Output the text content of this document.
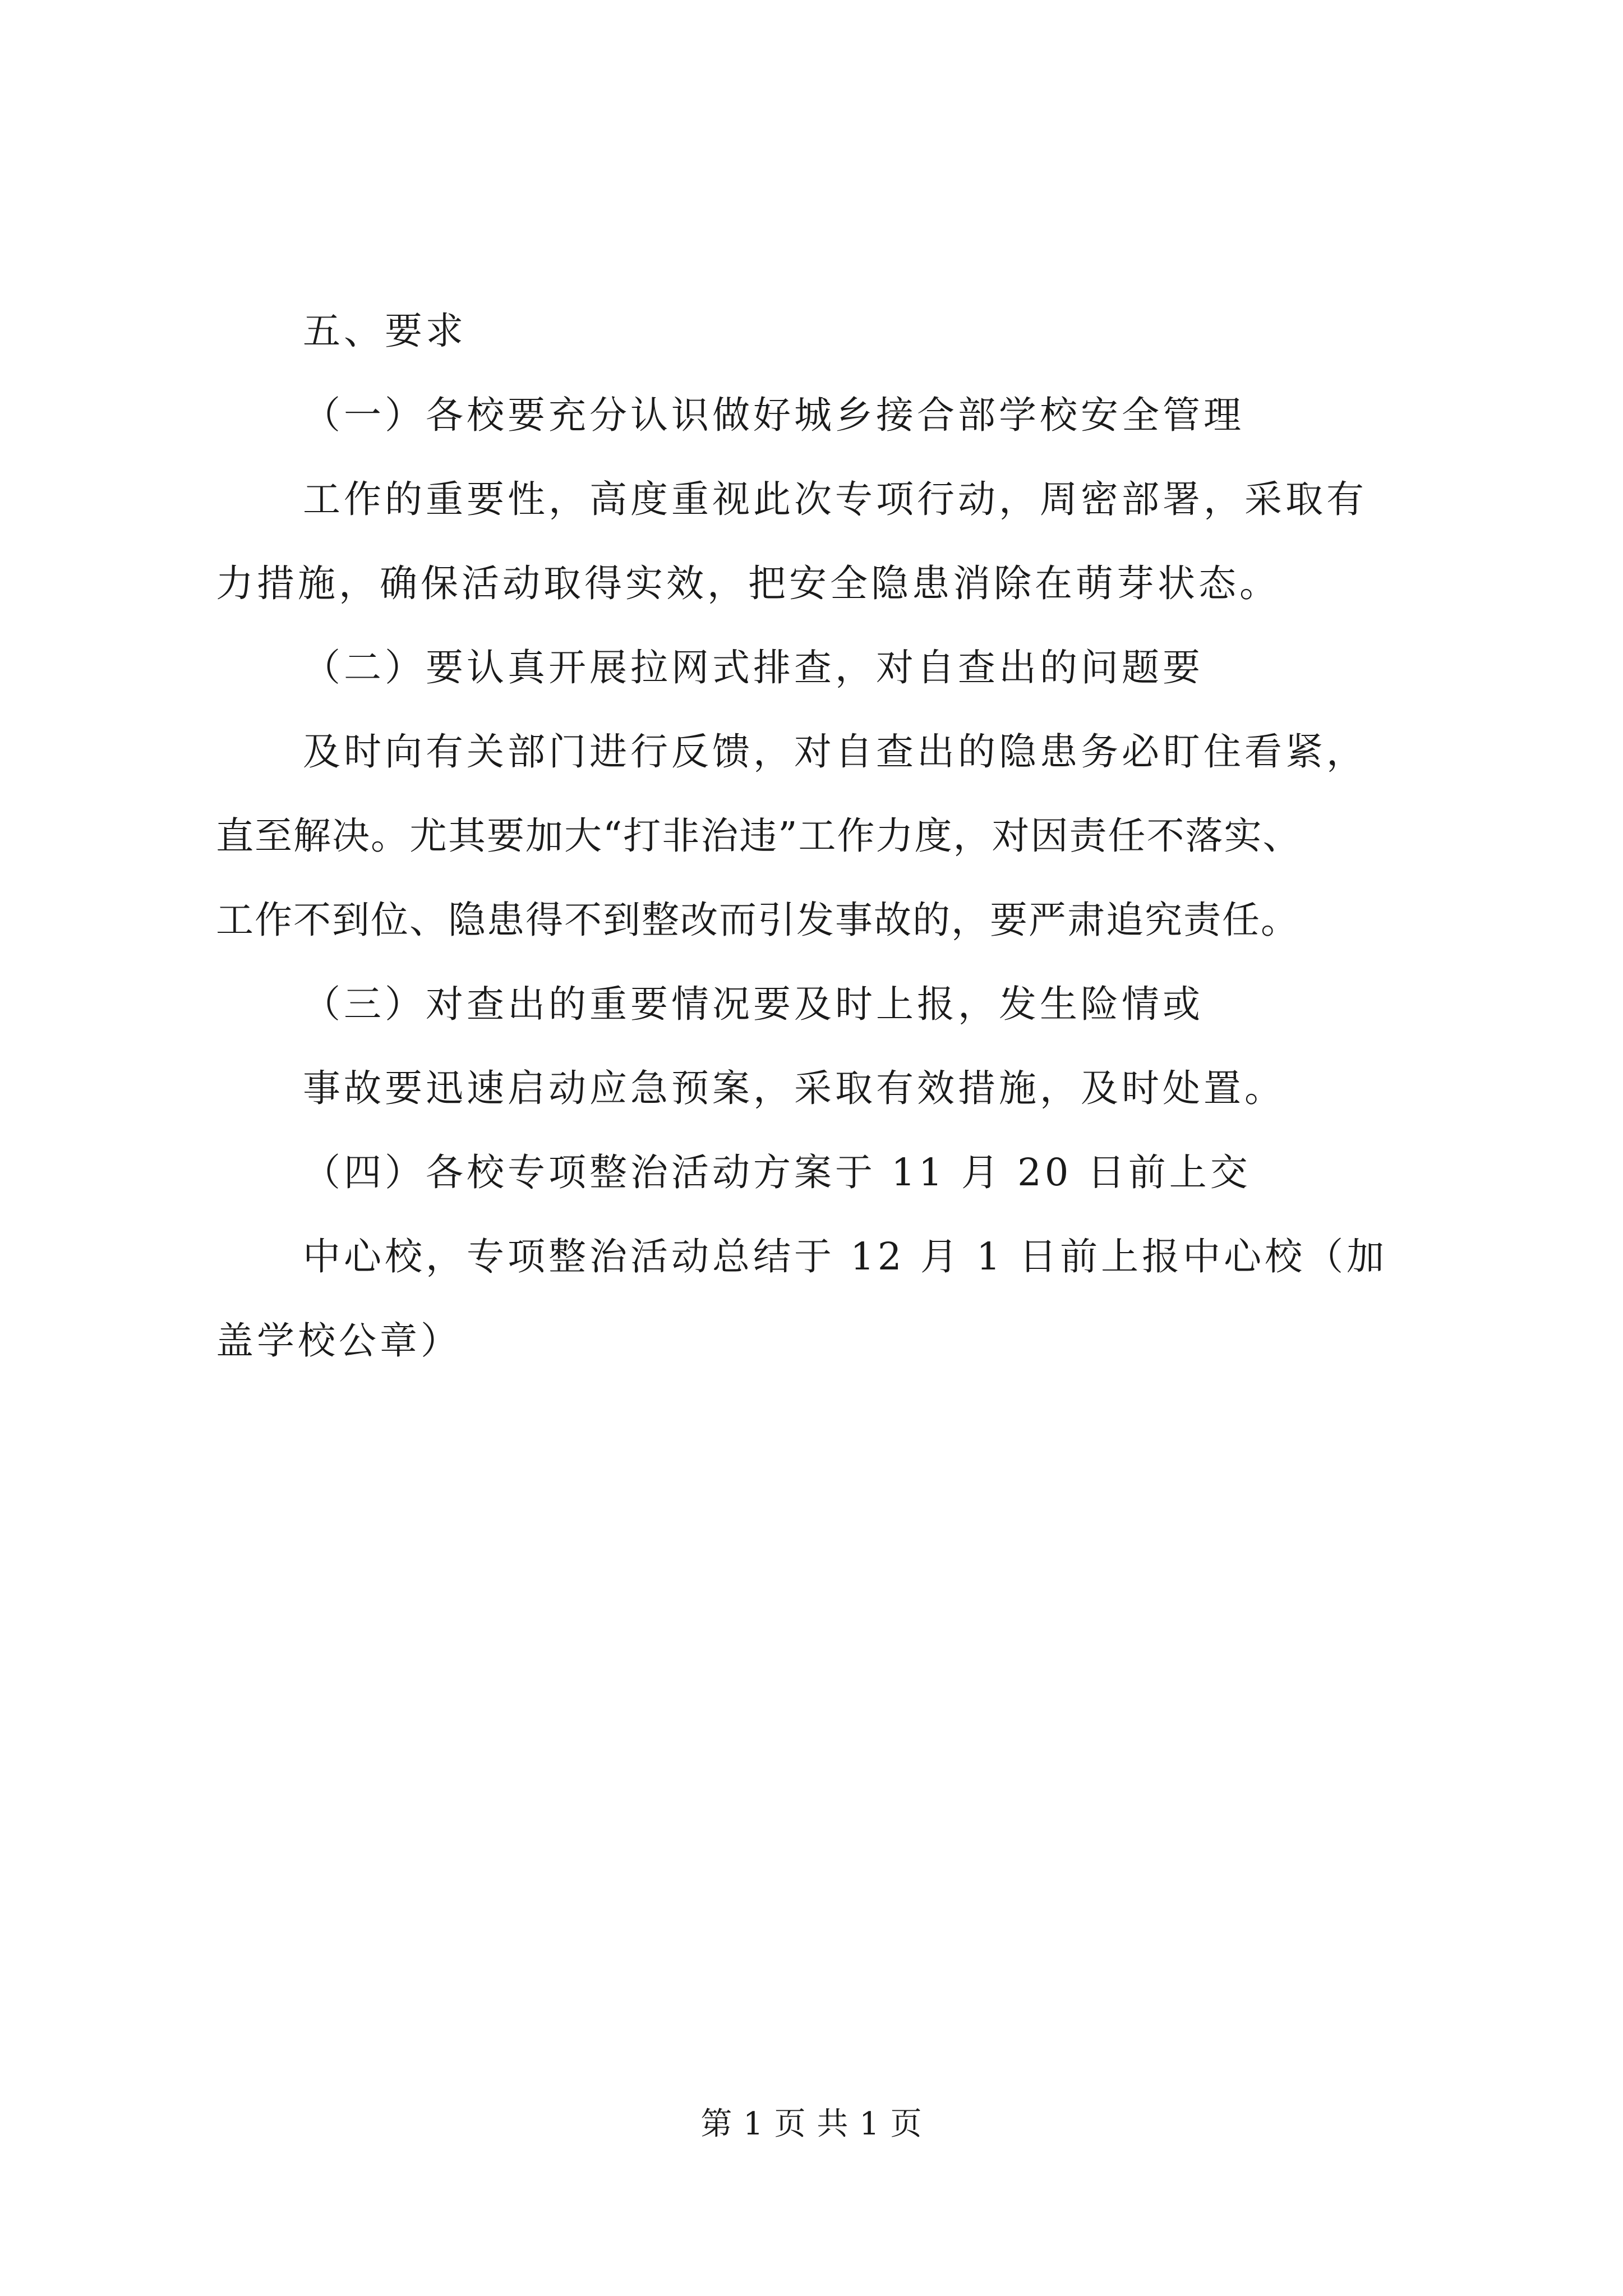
五、要求
（一）各校要充分认识做好城乡接合部学校安全管理
工作的重要性，高度重视此次专项行动，周密部署，采取有
力措施，确保活动取得实效，把安全隐患消除在萌芽状态。
（二）要认真开展拉网式排查，对自查出的问题要
及时向有关部门进行反馈，对自查出的隐患务必盯住看紧，
直至解决。尤其要加大“打非治违”工作力度，对因责任不落实、
工作不到位、隐患得不到整改而引发事故的，要严肃追究责任。
（三）对查出的重要情况要及时上报，发生险情或
事故要迅速启动应急预案，采取有效措施，及时处置。
（四）各校专项整治活动方案于 11 月 20 日前上交
中心校，专项整治活动总结于 12 月 1 日前上报中心校（加
盖学校公章）
第 1 页 共 1 页
